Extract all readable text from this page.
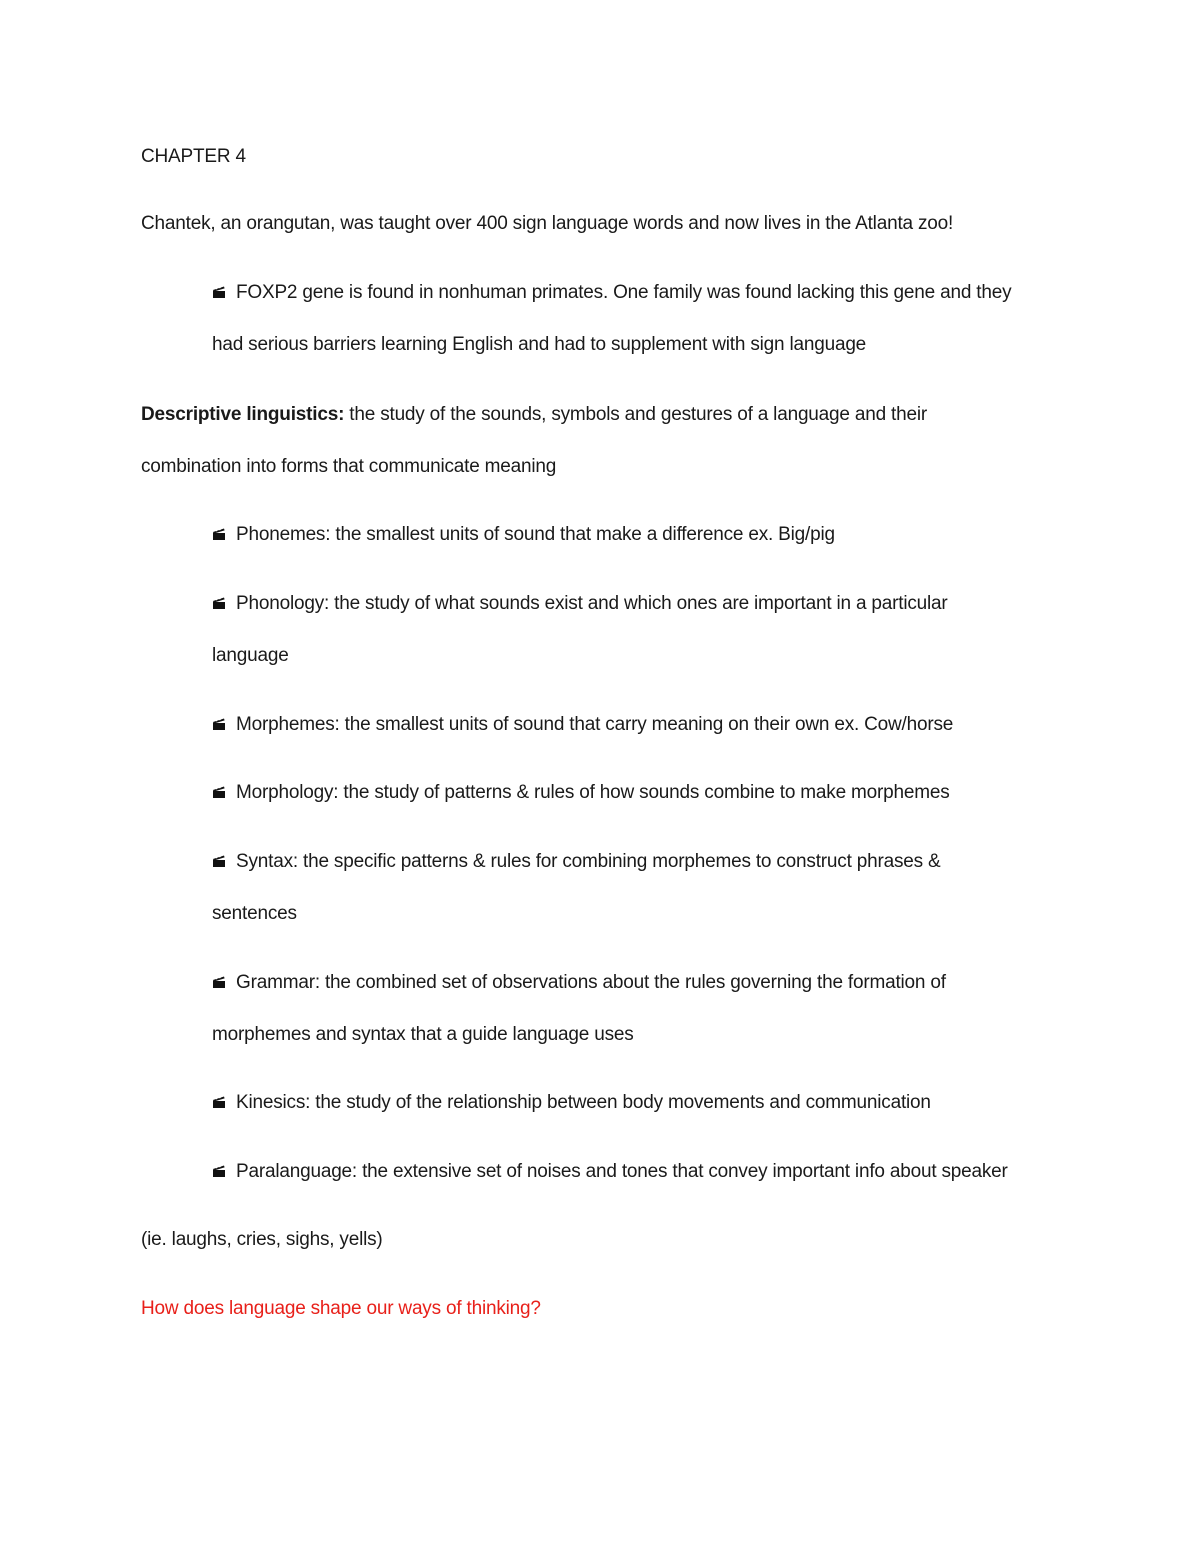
CHAPTER 4
Chantek, an orangutan, was taught over 400 sign language words and now lives in the Atlanta zoo!
FOXP2 gene is found in nonhuman primates. One family was found lacking this gene and they
had serious barriers learning English and had to supplement with sign language
Descriptive linguistics: the study of the sounds, symbols and gestures of a language and their
combination into forms that communicate meaning
Phonemes: the smallest units of sound that make a difference ex. Big/pig
Phonology: the study of what sounds exist and which ones are important in a particular
language
Morphemes: the smallest units of sound that carry meaning on their own ex. Cow/horse
Morphology: the study of patterns & rules of how sounds combine to make morphemes
Syntax: the specific patterns & rules for combining morphemes to construct phrases &
sentences
Grammar: the combined set of observations about the rules governing the formation of
morphemes and syntax that a guide language uses
Kinesics: the study of the relationship between body movements and communication
Paralanguage: the extensive set of noises and tones that convey important info about speaker
(ie. laughs, cries, sighs, yells)
How does language shape our ways of thinking?
